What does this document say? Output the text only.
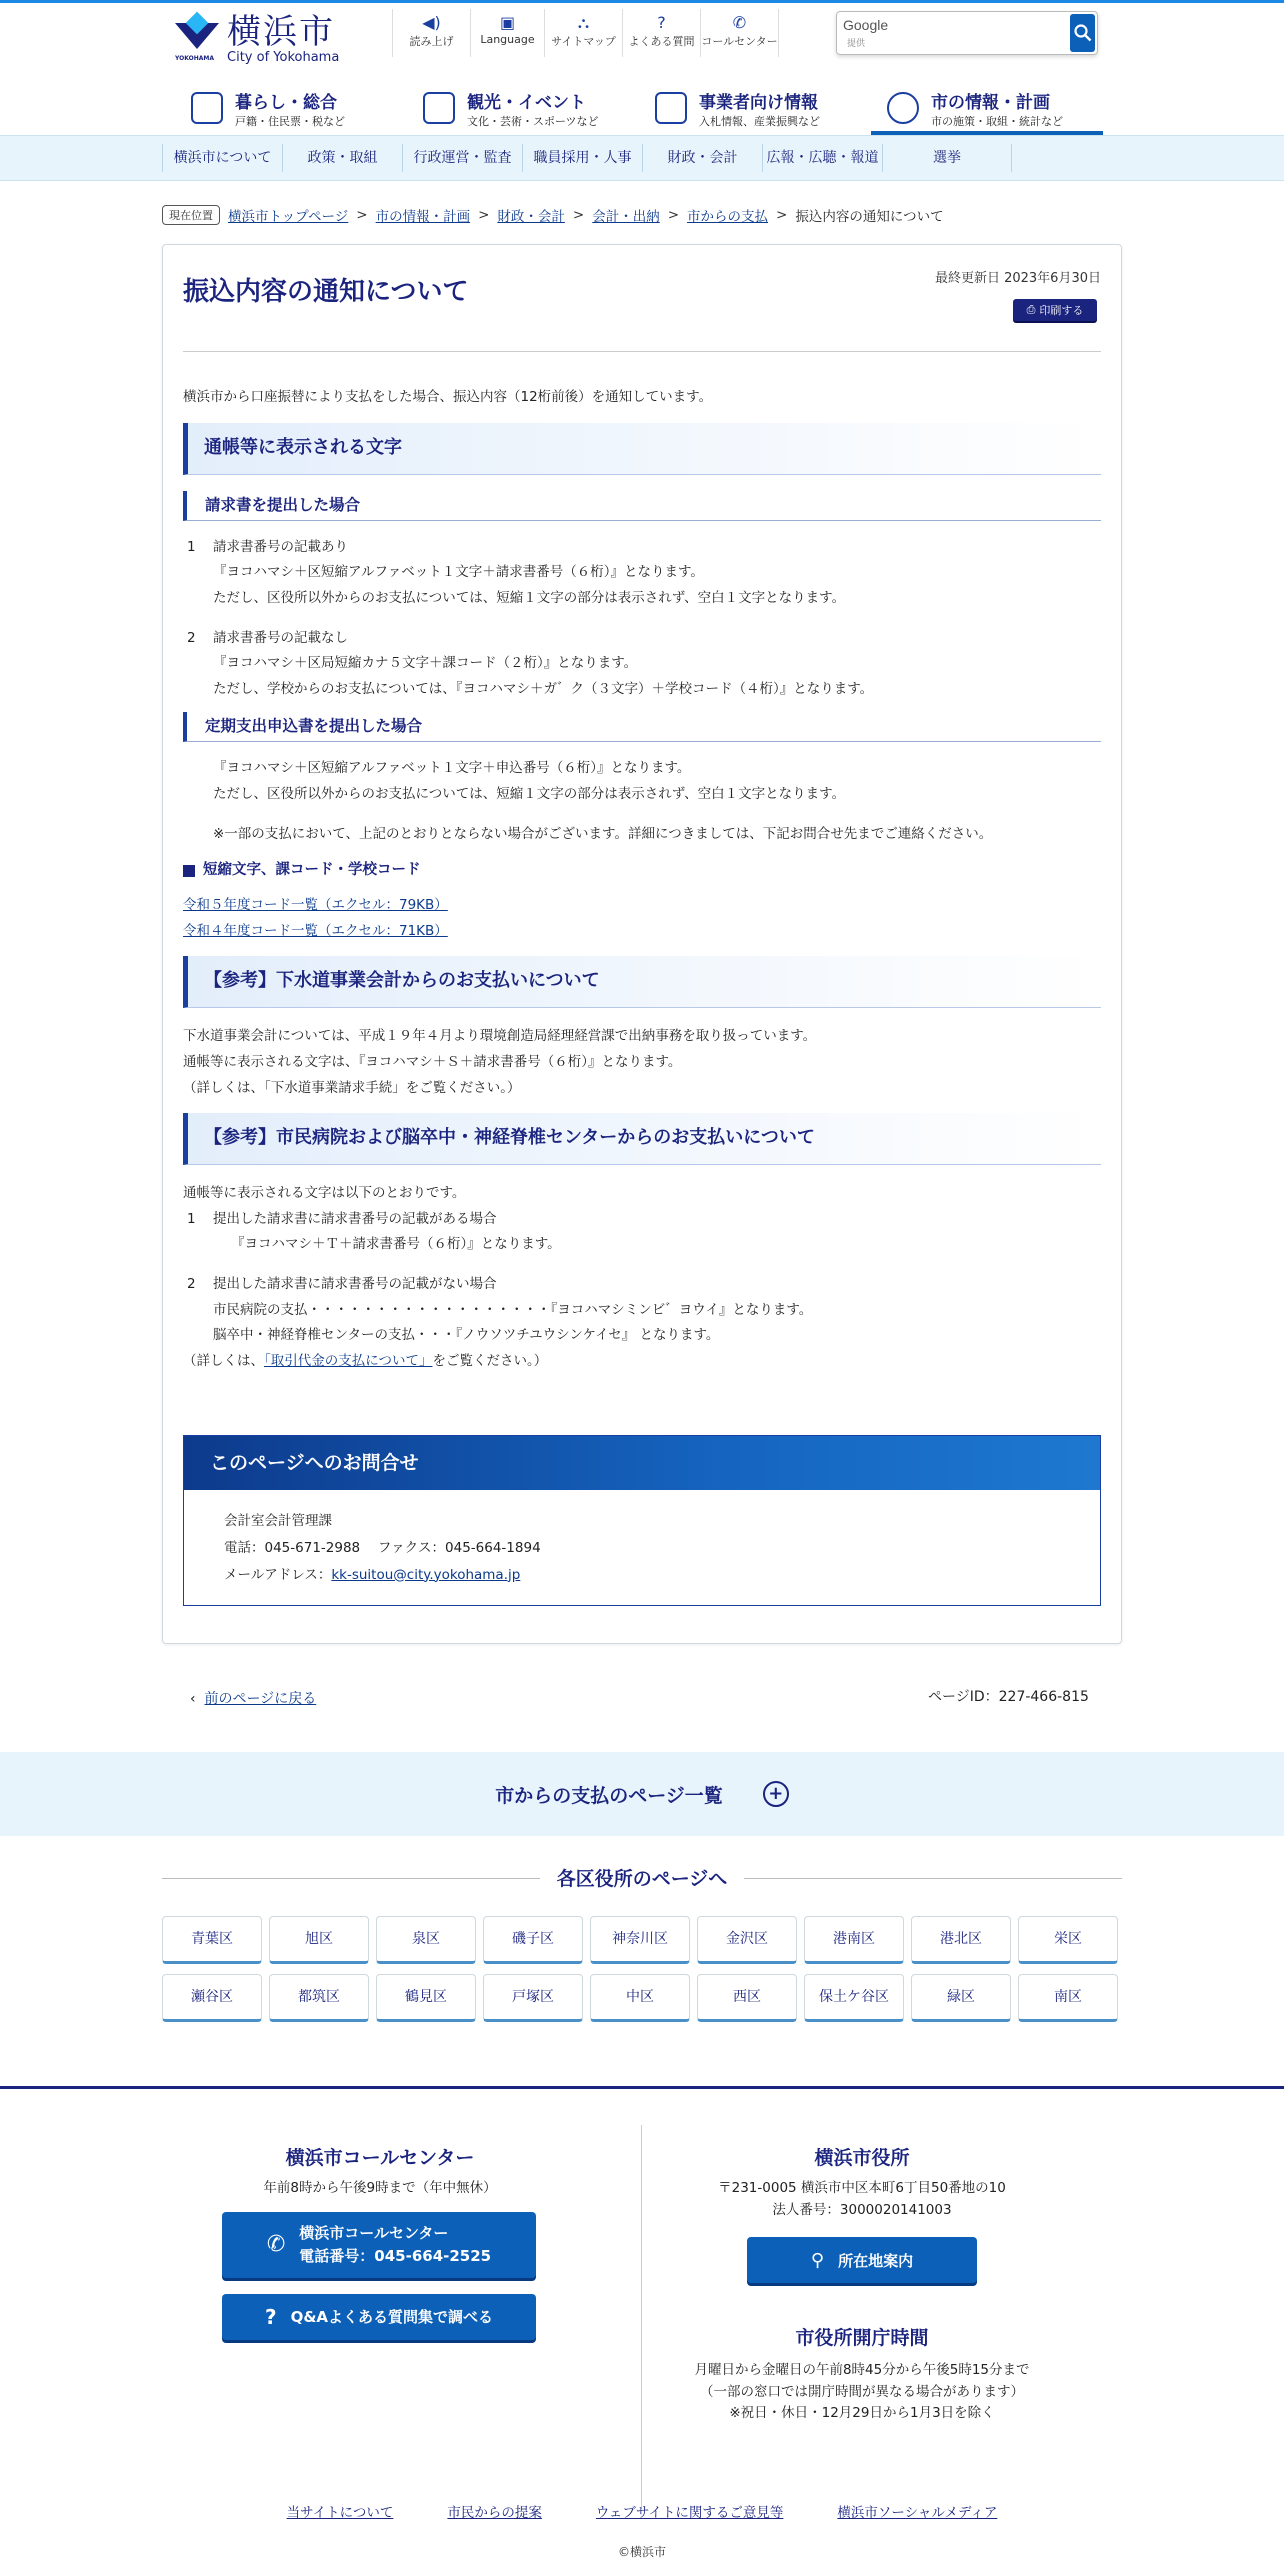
YOKOHAMA
横浜市
City of Yokohama
◀)
読み上げ
▣
Language
⛬
サイトマップ
?
よくある質問
✆
コールセンター
Google提供
暮らし・総合
戸籍・住民票・税など
観光・イベント
文化・芸術・スポーツなど
事業者向け情報
入札情報、産業振興など
市の情報・計画
市の施策・取組・統計など
横浜市について	政策・取組	行政運営・監査	職員採用・人事	財政・会計	広報・広聴・報道	選挙
現在位置	横浜市トップページ > 市の情報・計画 > 財政・会計 > 会計・出納 > 市からの支払 > 振込内容の通知について
振込内容の通知について	最終更新日 2023年6月30日
⎙ 印刷する

横浜市から口座振替により支払をした場合、振込内容（12桁前後）を通知しています。

通帳等に表示される文字
請求書を提出した場合
1 請求書番号の記載あり
『ヨコハマシ＋区短縮アルファベット１文字＋請求書番号（６桁）』となります。
ただし、区役所以外からのお支払については、短縮１文字の部分は表示されず、空白１文字となります。
2 請求書番号の記載なし
『ヨコハマシ＋区局短縮カナ５文字＋課コード（２桁）』となります。
ただし、学校からのお支払については、『ヨコハマシ＋ガ゛ク（３文字）＋学校コード（４桁）』となります。
定期支出申込書を提出した場合
『ヨコハマシ＋区短縮アルファベット１文字＋申込番号（６桁）』となります。
ただし、区役所以外からのお支払については、短縮１文字の部分は表示されず、空白１文字となります。
※一部の支払において、上記のとおりとならない場合がございます。詳細につきましては、下記お問合せ先までご連絡ください。
短縮文字、課コード・学校コード
令和５年度コード一覧（エクセル：79KB）
令和４年度コード一覧（エクセル：71KB）
【参考】下水道事業会計からのお支払いについて
下水道事業会計については、平成１９年４月より環境創造局経理経営課で出納事務を取り扱っています。
通帳等に表示される文字は、『ヨコハマシ＋Ｓ＋請求書番号（６桁）』となります。
（詳しくは、「下水道事業請求手続」をご覧ください。）
【参考】市民病院および脳卒中・神経脊椎センターからのお支払いについて
通帳等に表示される文字は以下のとおりです。
1 提出した請求書に請求書番号の記載がある場合
『ヨコハマシ＋Ｔ＋請求書番号（６桁）』となります。
2 提出した請求書に請求書番号の記載がない場合
市民病院の支払・・・・・・・・・・・・・・・・・・『ヨコハマシミンビ゛ヨウイ』となります。
脳卒中・神経脊椎センターの支払・・・『ノウソツチユウシンケイセ』 となります。
（詳しくは、「取引代金の支払について」をご覧ください。）
このページへのお問合せ
会計室会計管理課
電話：045-671-2988　 ファクス：045-664-1894
メールアドレス：kk-suitou@city.yokohama.jp
‹ 前のページに戻る	ページID：227-466-815
市からの支払のページ一覧	+
各区役所のページへ
青葉区	旭区	泉区	磯子区	神奈川区	金沢区	港南区	港北区	栄区
瀬谷区	都筑区	鶴見区	戸塚区	中区	西区	保土ケ谷区	緑区	南区
横浜市コールセンター
年前8時から午後9時まで（年中無休）
✆ 横浜市コールセンター
電話番号：045-664-2525
? Q&Aよくある質問集で調べる
横浜市役所
〒231-0005 横浜市中区本町6丁目50番地の10
法人番号：3000020141003
⚲ 所在地案内
市役所開庁時間
月曜日から金曜日の午前8時45分から午後5時15分まで
（一部の窓口では開庁時間が異なる場合があります）
※祝日・休日・12月29日から1月3日を除く
当サイトについて	市民からの提案	ウェブサイトに関するご意見等	横浜市ソーシャルメディア
©横浜市
